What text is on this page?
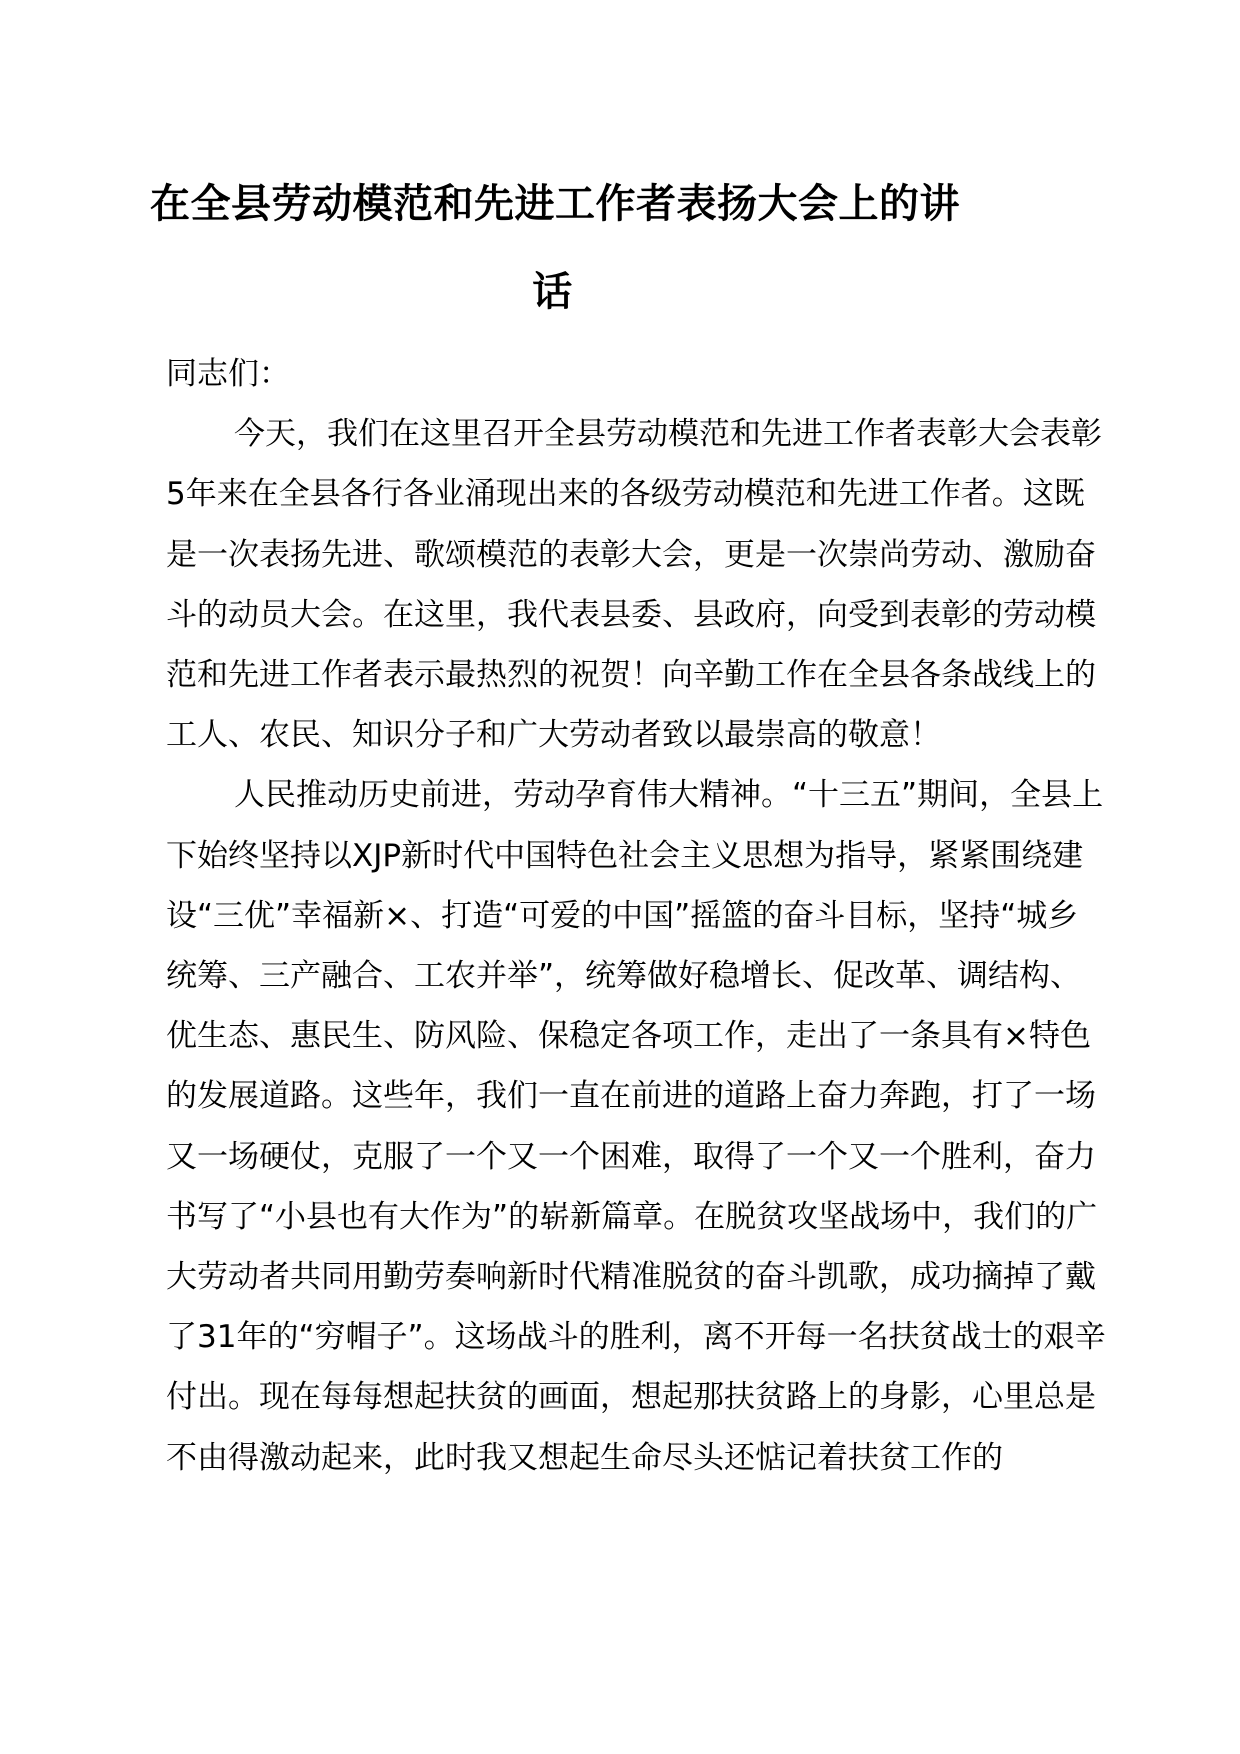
在全县劳动模范和先进工作者表扬大会上的讲
话

同志们：

今天，我们在这里召开全县劳动模范和先进工作者表彰大会表彰5年来在全县各行各业涌现出来的各级劳动模范和先进工作者。这既是一次表扬先进、歌颂模范的表彰大会，更是一次崇尚劳动、激励奋斗的动员大会。在这里，我代表县委、县政府，向受到表彰的劳动模范和先进工作者表示最热烈的祝贺！向辛勤工作在全县各条战线上的工人、农民、知识分子和广大劳动者致以最崇高的敬意！

人民推动历史前进，劳动孕育伟大精神。“十三五”期间，全县上下始终坚持以XJP新时代中国特色社会主义思想为指导，紧紧围绕建设“三优”幸福新×、打造“可爱的中国”摇篮的奋斗目标，坚持“城乡统筹、三产融合、工农并举”，统筹做好稳增长、促改革、调结构、优生态、惠民生、防风险、保稳定各项工作，走出了一条具有×特色的发展道路。这些年，我们一直在前进的道路上奋力奔跑，打了一场又一场硬仗，克服了一个又一个困难，取得了一个又一个胜利，奋力书写了“小县也有大作为”的崭新篇章。在脱贫攻坚战场中，我们的广大劳动者共同用勤劳奏响新时代精准脱贫的奋斗凯歌，成功摘掉了戴了31年的“穷帽子”。这场战斗的胜利，离不开每一名扶贫战士的艰辛付出。现在每每想起扶贫的画面，想起那扶贫路上的身影，心里总是不由得激动起来，此时我又想起生命尽头还惦记着扶贫工作的
